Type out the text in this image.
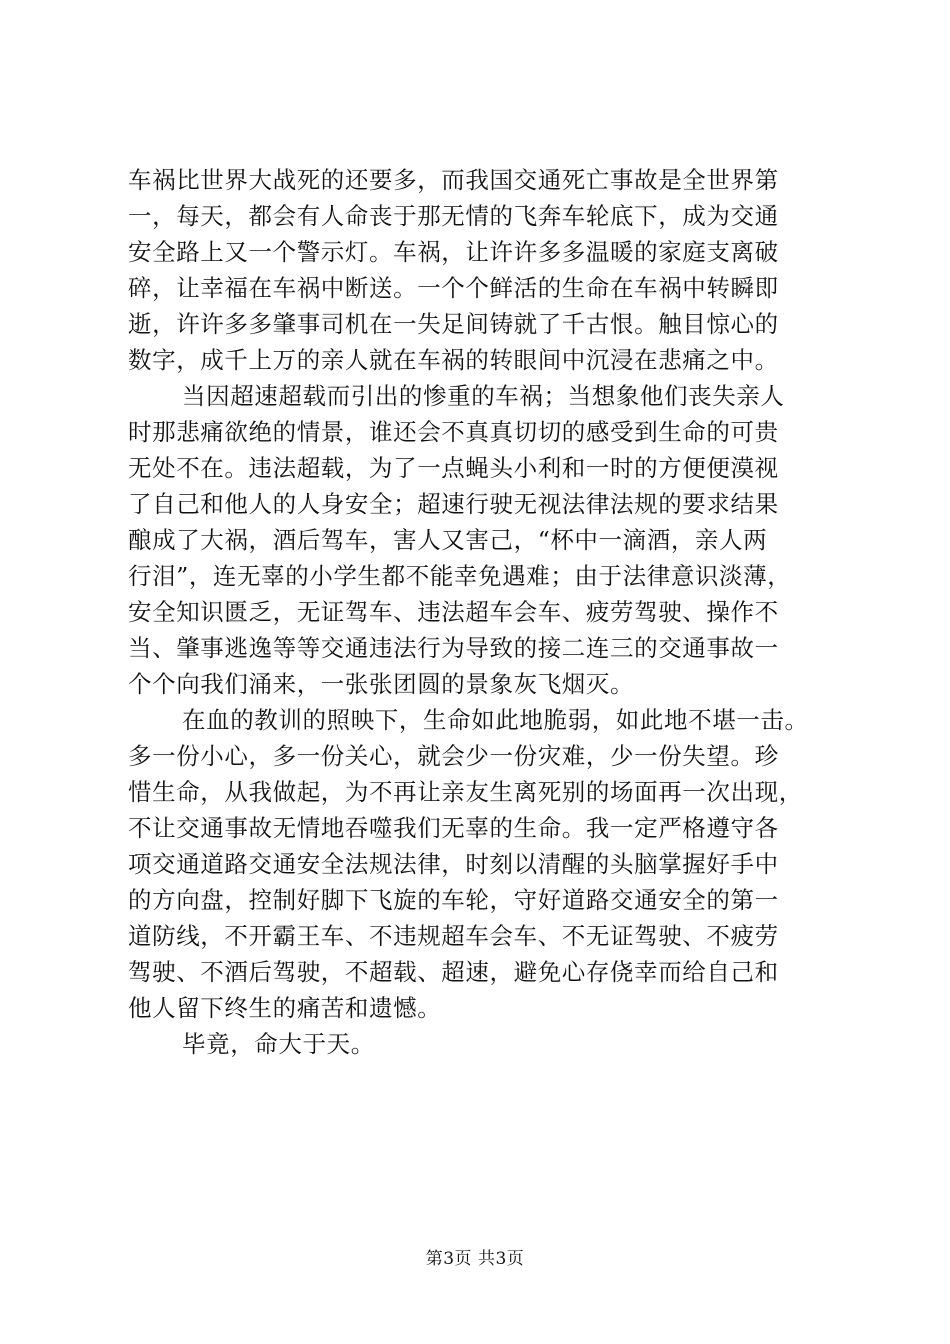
车祸比世界大战死的还要多，而我国交通死亡事故是全世界第
一，每天，都会有人命丧于那无情的飞奔车轮底下，成为交通
安全路上又一个警示灯。车祸，让许许多多温暖的家庭支离破
碎，让幸福在车祸中断送。一个个鲜活的生命在车祸中转瞬即
逝，许许多多肇事司机在一失足间铸就了千古恨。触目惊心的
数字，成千上万的亲人就在车祸的转眼间中沉浸在悲痛之中。
当因超速超载而引出的惨重的车祸；当想象他们丧失亲人
时那悲痛欲绝的情景，谁还会不真真切切的感受到生命的可贵
无处不在。违法超载，为了一点蝇头小利和一时的方便便漠视
了自己和他人的人身安全；超速行驶无视法律法规的要求结果
酿成了大祸，酒后驾车，害人又害己，“杯中一滴酒，亲人两
行泪”，连无辜的小学生都不能幸免遇难；由于法律意识淡薄，
安全知识匮乏，无证驾车、违法超车会车、疲劳驾驶、操作不
当、肇事逃逸等等交通违法行为导致的接二连三的交通事故一
个个向我们涌来，一张张团圆的景象灰飞烟灭。
在血的教训的照映下，生命如此地脆弱，如此地不堪一击。
多一份小心，多一份关心，就会少一份灾难，少一份失望。珍
惜生命，从我做起，为不再让亲友生离死别的场面再一次出现，
不让交通事故无情地吞噬我们无辜的生命。我一定严格遵守各
项交通道路交通安全法规法律，时刻以清醒的头脑掌握好手中
的方向盘，控制好脚下飞旋的车轮，守好道路交通安全的第一
道防线，不开霸王车、不违规超车会车、不无证驾驶、不疲劳
驾驶、不酒后驾驶，不超载、超速，避免心存侥幸而给自己和
他人留下终生的痛苦和遗憾。
毕竟，命大于天。
第3页 共3页
